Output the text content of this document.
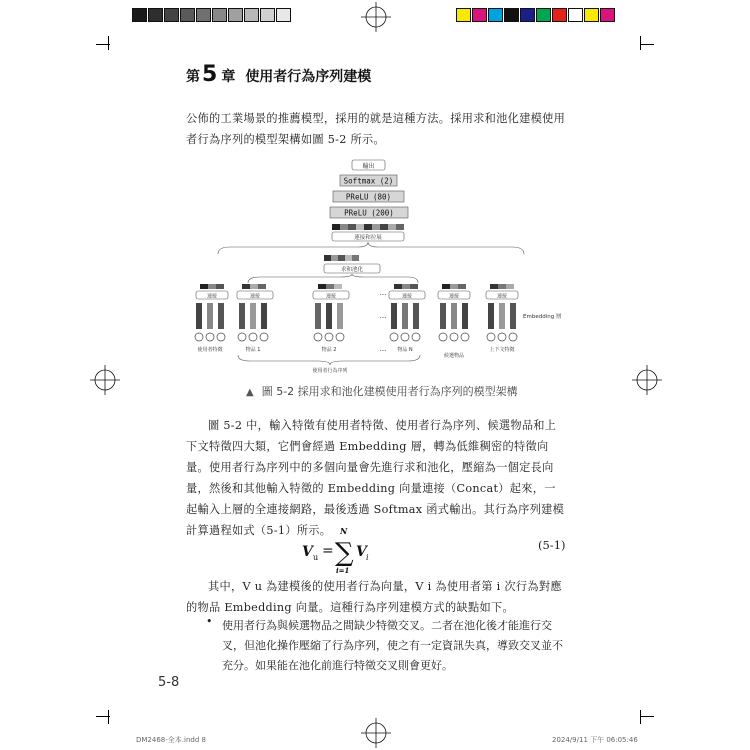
第 5 章 使用者行為序列建模

公佈的工業場景的推薦模型，採用的就是這種方法。採用求和池化建模使用者行為序列的模型架構如圖 5-2 所示。

輸出
Softmax (2)
PReLU (80)
PReLU (200)
連接和拉展
求和池化
連接
使用者特徵
連接
物品 1
連接
物品 2
...
...
...
連接
物品 N
連接
候選物品
連接
上下文特徵
Embedding 層
使用者行為序列
▲ 圖 5-2 採用求和池化建模使用者行為序列的模型架構

圖 5-2 中，輸入特徵有使用者特徵、使用者行為序列、候選物品和上下文特徵四大類，它們會經過 Embedding 層，轉為低維稠密的特徵向量。使用者行為序列中的多個向量會先進行求和池化，壓縮為一個定長向量，然後和其他輸入特徵的 Embedding 向量連接（Concat）起來，一起輸入上層的全連接網路，最後透過 Softmax 函式輸出。其行為序列建模計算過程如式（5-1）所示。

V u =
N
∑
i=1
V i
(5-1)

其中，V u 為建模後的使用者行為向量，V i 為使用者第 i 次行為對應的物品 Embedding 向量。這種行為序列建模方式的缺點如下。

• 使用者行為與候選物品之間缺少特徵交叉。二者在池化後才能進行交叉，但池化操作壓縮了行為序列，使之有一定資訊失真，導致交叉並不充分。如果能在池化前進行特徵交叉則會更好。

5-8
DM2468-全本.indd 8	2024/9/11 下午 06:05:46
